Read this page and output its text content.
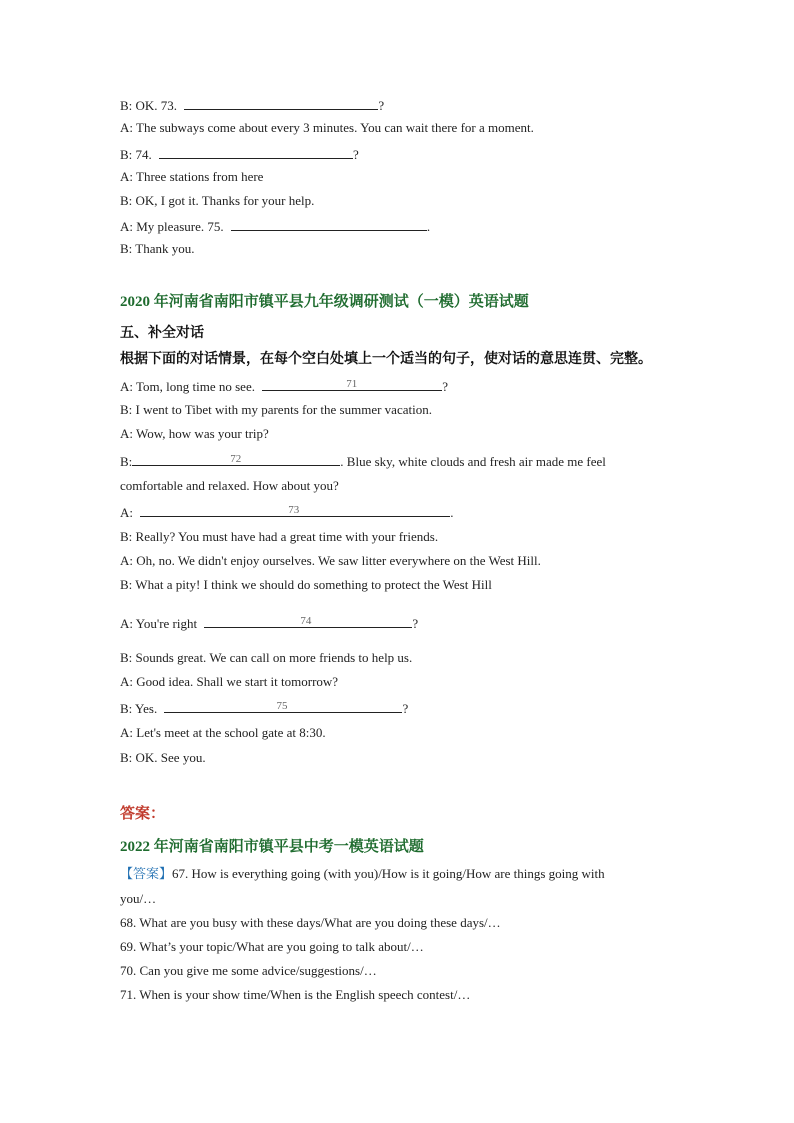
B: OK. 73.	?
A: The subways come about every 3 minutes. You can wait there for a moment.
B: 74.	?
A: Three stations from here
B: OK, I got it. Thanks for your help.
A: My pleasure. 75.	.
B: Thank you.
2020 年河南省南阳市镇平县九年级调研测试（一模）英语试题
五、补全对话
根据下面的对话情景，在每个空白处填上一个适当的句子，使对话的意思连贯、完整。
A: Tom, long time no see.	71	?
B: I went to Tibet with my parents for the summer vacation.
A: Wow, how was your trip?
B:	72	. Blue sky, white clouds and fresh air made me feel
comfortable and relaxed. How about you?
A:	73	.
B: Really? You must have had a great time with your friends.
A: Oh, no. We didn't enjoy ourselves. We saw litter everywhere on the West Hill.
B: What a pity! I think we should do something to protect the West Hill
A: You're right	74	?
B: Sounds great. We can call on more friends to help us.
A: Good idea. Shall we start it tomorrow?
B: Yes.	75	?
A: Let's meet at the school gate at 8:30.
B: OK. See you.
答案：
2022 年河南省南阳市镇平县中考一模英语试题
【答案】67. How is everything going (with you)/How is it going/How are things going with
you/…
68. What are you busy with these days/What are you doing these days/…
69. What’s your topic/What are you going to talk about/…
70. Can you give me some advice/suggestions/…
71. When is your show time/When is the English speech contest/…
